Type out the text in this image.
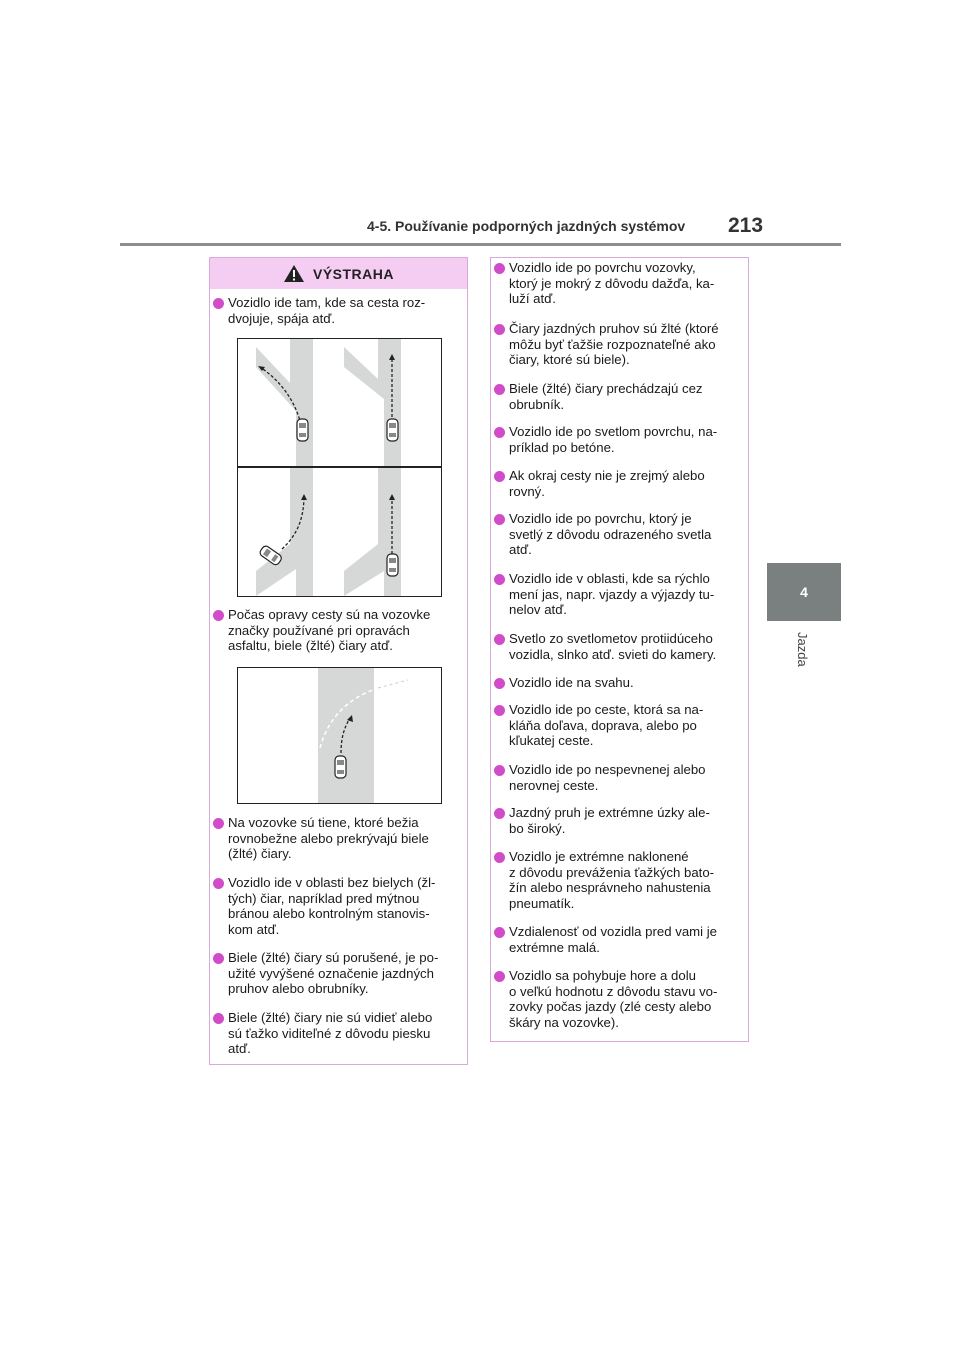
4-5. Používanie podporných jazdných systémov 213
4
Jazda
VÝSTRAHA
Vozidlo ide tam, kde sa cesta roz-
dvojuje, spája atď.
Počas opravy cesty sú na vozovke
značky používané pri opravách
asfaltu, biele (žlté) čiary atď.
Na vozovke sú tiene, ktoré bežia
rovnobežne alebo prekrývajú biele
(žlté) čiary.
Vozidlo ide v oblasti bez bielych (žl-
tých) čiar, napríklad pred mýtnou
bránou alebo kontrolným stanovis-
kom atď.
Biele (žlté) čiary sú porušené, je po-
užité vyvýšené označenie jazdných
pruhov alebo obrubníky.
Biele (žlté) čiary nie sú vidieť alebo
sú ťažko viditeľné z dôvodu piesku
atď.
Vozidlo ide po povrchu vozovky,
ktorý je mokrý z dôvodu dažďa, ka-
luží atď.
Čiary jazdných pruhov sú žlté (ktoré
môžu byť ťažšie rozpoznateľné ako
čiary, ktoré sú biele).
Biele (žlté) čiary prechádzajú cez
obrubník.
Vozidlo ide po svetlom povrchu, na-
príklad po betóne.
Ak okraj cesty nie je zrejmý alebo
rovný.
Vozidlo ide po povrchu, ktorý je
svetlý z dôvodu odrazeného svetla
atď.
Vozidlo ide v oblasti, kde sa rýchlo
mení jas, napr. vjazdy a výjazdy tu-
nelov atď.
Svetlo zo svetlometov protiidúceho
vozidla, slnko atď. svieti do kamery.
Vozidlo ide na svahu.
Vozidlo ide po ceste, ktorá sa na-
kláňa doľava, doprava, alebo po
kľukatej ceste.
Vozidlo ide po nespevnenej alebo
nerovnej ceste.
Jazdný pruh je extrémne úzky ale-
bo široký.
Vozidlo je extrémne naklonené
z dôvodu preváženia ťažkých bato-
žín alebo nesprávneho nahustenia
pneumatík.
Vzdialenosť od vozidla pred vami je
extrémne malá.
Vozidlo sa pohybuje hore a dolu
o veľkú hodnotu z dôvodu stavu vo-
zovky počas jazdy (zlé cesty alebo
škáry na vozovke).
